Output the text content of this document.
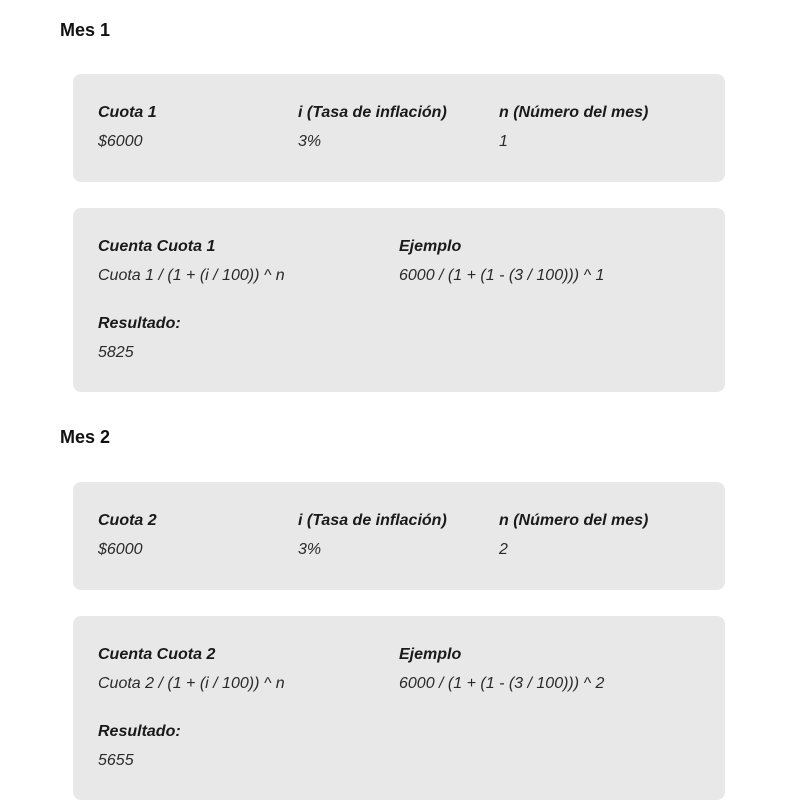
Mes 1
Cuota 1
$6000
i (Tasa de inflación)
3%
n (Número del mes)
1
Cuenta Cuota 1
Cuota 1 / (1 + (i / 100)) ^ n
Ejemplo
6000 / (1 + (1 - (3 / 100))) ^ 1
Resultado:
5825
Mes 2
Cuota 2
$6000
i (Tasa de inflación)
3%
n (Número del mes)
2
Cuenta Cuota 2
Cuota 2 / (1 + (i / 100)) ^ n
Ejemplo
6000 / (1 + (1 - (3 / 100))) ^ 2
Resultado:
5655
